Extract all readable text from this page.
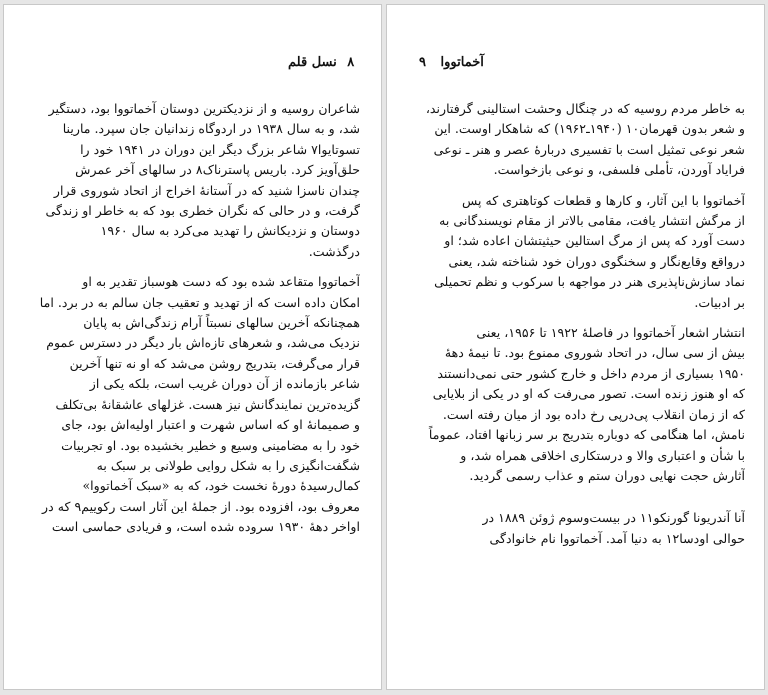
۸ نسل قلم
شاعران روسیه و از نزدیکترین دوستان آخماتووا بود، دستگیر
شد، و به سال ۱۹۳۸ در اردوگاه زندانیان جان سپرد. مارینا
تسوتایوا۷ شاعر بزرگ دیگر این دوران در ۱۹۴۱ خود را
حلق‌آویز کرد. باریس پاسترناک۸ در سالهای آخر عمرش
چندان ناسزا شنید که در آستانهٔ اخراج از اتحاد شوروی قرار
گرفت، و در حالی که نگران خطری بود که به خاطر او زندگی
دوستان و نزدیکانش را تهدید می‌کرد به سال ۱۹۶۰
درگذشت.
آخماتووا متقاعد شده بود که دست هوسباز تقدیر به او
امکان داده است که از تهدید و تعقیب جان سالم به در برد. اما
همچنانکه آخرین سالهای نسبتاً آرام زندگی‌اش به پایان
نزدیک می‌شد، و شعرهای تازه‌اش بار دیگر در دسترس عموم
قرار می‌گرفت، بتدریج روشن می‌شد که او نه تنها آخرین
شاعر بازمانده از آن دوران غریب است، بلکه یکی از
گزیده‌ترین نمایندگانش نیز هست. غزلهای عاشقانهٔ بی‌تکلف
و صمیمانهٔ او که اساس شهرت و اعتبار اولیه‌اش بود، جای
خود را به مضامینی وسیع و خطیر بخشیده بود. او تجربیات
شگفت‌انگیزی را به شکل روایی طولانی بر سبک به
کمال‌رسیدهٔ دورهٔ نخست خود، که به «سبک آخماتووا»
معروف بود، افزوده بود. از جملهٔ این آثار است رکوییم۹ که در
اواخر دههٔ ۱۹۳۰ سروده شده است، و فریادی حماسی است
آخماتووا ۹
به خاطر مردم روسیه که در چنگال وحشت استالینی گرفتارند،
و شعر بدون قهرمان۱۰ (۱۹۴۰ـ۱۹۶۲) که شاهکار اوست. این
شعر نوعی تمثیل است با تفسیری دربارهٔ عصر و هنر ـ نوعی
فرایاد آوردن، تأملی فلسفی، و نوعی بازخواست.
آخماتووا با این آثار، و کارها و قطعات کوتاهتری که پس
از مرگش انتشار یافت، مقامی بالاتر از مقام نویسندگانی به
دست آورد که پس از مرگ استالین حیثیتشان اعاده شد؛ او
درواقع وقایع‌نگار و سخنگوی دوران خود شناخته شد، یعنی
نماد سازش‌ناپذیری هنر در مواجهه با سرکوب و نظم تحمیلی
بر ادبیات.
انتشار اشعار آخماتووا در فاصلهٔ ۱۹۲۲ تا ۱۹۵۶، یعنی
بیش از سی سال، در اتحاد شوروی ممنوع بود. تا نیمهٔ دههٔ
۱۹۵۰ بسیاری از مردم داخل و خارج کشور حتی نمی‌دانستند
که او هنوز زنده است. تصور می‌رفت که او در یکی از بلایایی
که از زمان انقلاب پی‌درپی رخ داده بود از میان رفته است.
نامش، اما هنگامی که دوباره بتدریج بر سر زبانها افتاد، عموماً
با شأن و اعتباری والا و درستکاری اخلاقی همراه شد، و
آثارش حجت نهایی دوران ستم و عذاب رسمی گردید.
آنا آندریونا گورنکو۱۱ در بیست‌وسوم ژوئن ۱۸۸۹ در
حوالی اودسا۱۲ به دنیا آمد. آخماتووا نام خانوادگی
